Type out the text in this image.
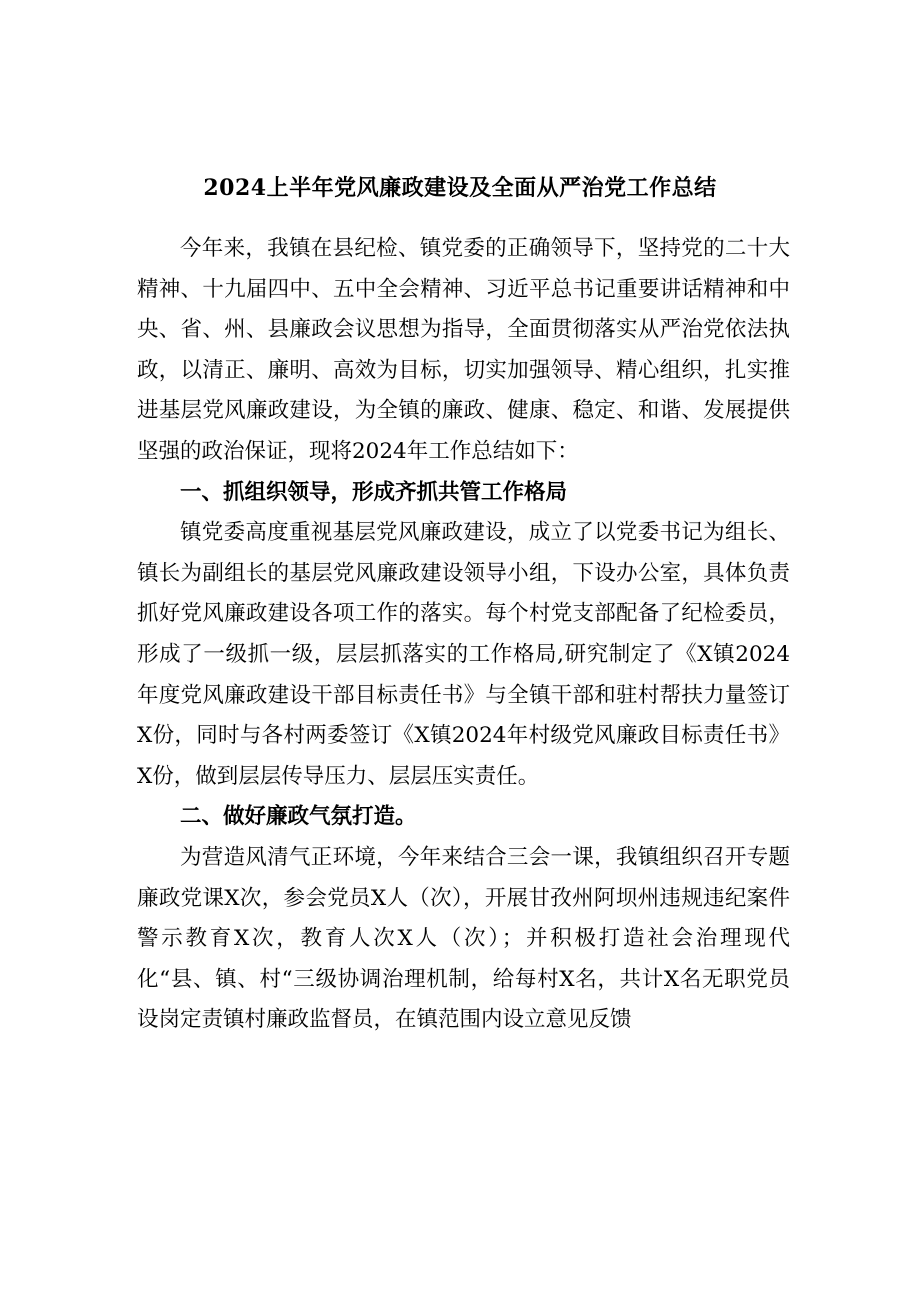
2024上半年党风廉政建设及全面从严治党工作总结

今年来，我镇在县纪检、镇党委的正确领导下，坚持党的二十大精神、十九届四中、五中全会精神、习近平总书记重要讲话精神和中央、省、州、县廉政会议思想为指导，全面贯彻落实从严治党依法执政，以清正、廉明、高效为目标，切实加强领导、精心组织，扎实推进基层党风廉政建设，为全镇的廉政、健康、稳定、和谐、发展提供坚强的政治保证，现将2024年工作总结如下：

一、抓组织领导，形成齐抓共管工作格局

镇党委高度重视基层党风廉政建设，成立了以党委书记为组长、镇长为副组长的基层党风廉政建设领导小组，下设办公室，具体负责抓好党风廉政建设各项工作的落实。每个村党支部配备了纪检委员，形成了一级抓一级，层层抓落实的工作格局,研究制定了《X镇2024年度党风廉政建设干部目标责任书》与全镇干部和驻村帮扶力量签订X份，同时与各村两委签订《X镇2024年村级党风廉政目标责任书》X份，做到层层传导压力、层层压实责任。

二、做好廉政气氛打造。

为营造风清气正环境，今年来结合三会一课，我镇组织召开专题廉政党课X次，参会党员X人（次），开展甘孜州阿坝州违规违纪案件警示教育X次，教育人次X人（次）；并积极打造社会治理现代化“县、镇、村“三级协调治理机制，给每村X名，共计X名无职党员设岗定责镇村廉政监督员，在镇范围内设立意见反馈
